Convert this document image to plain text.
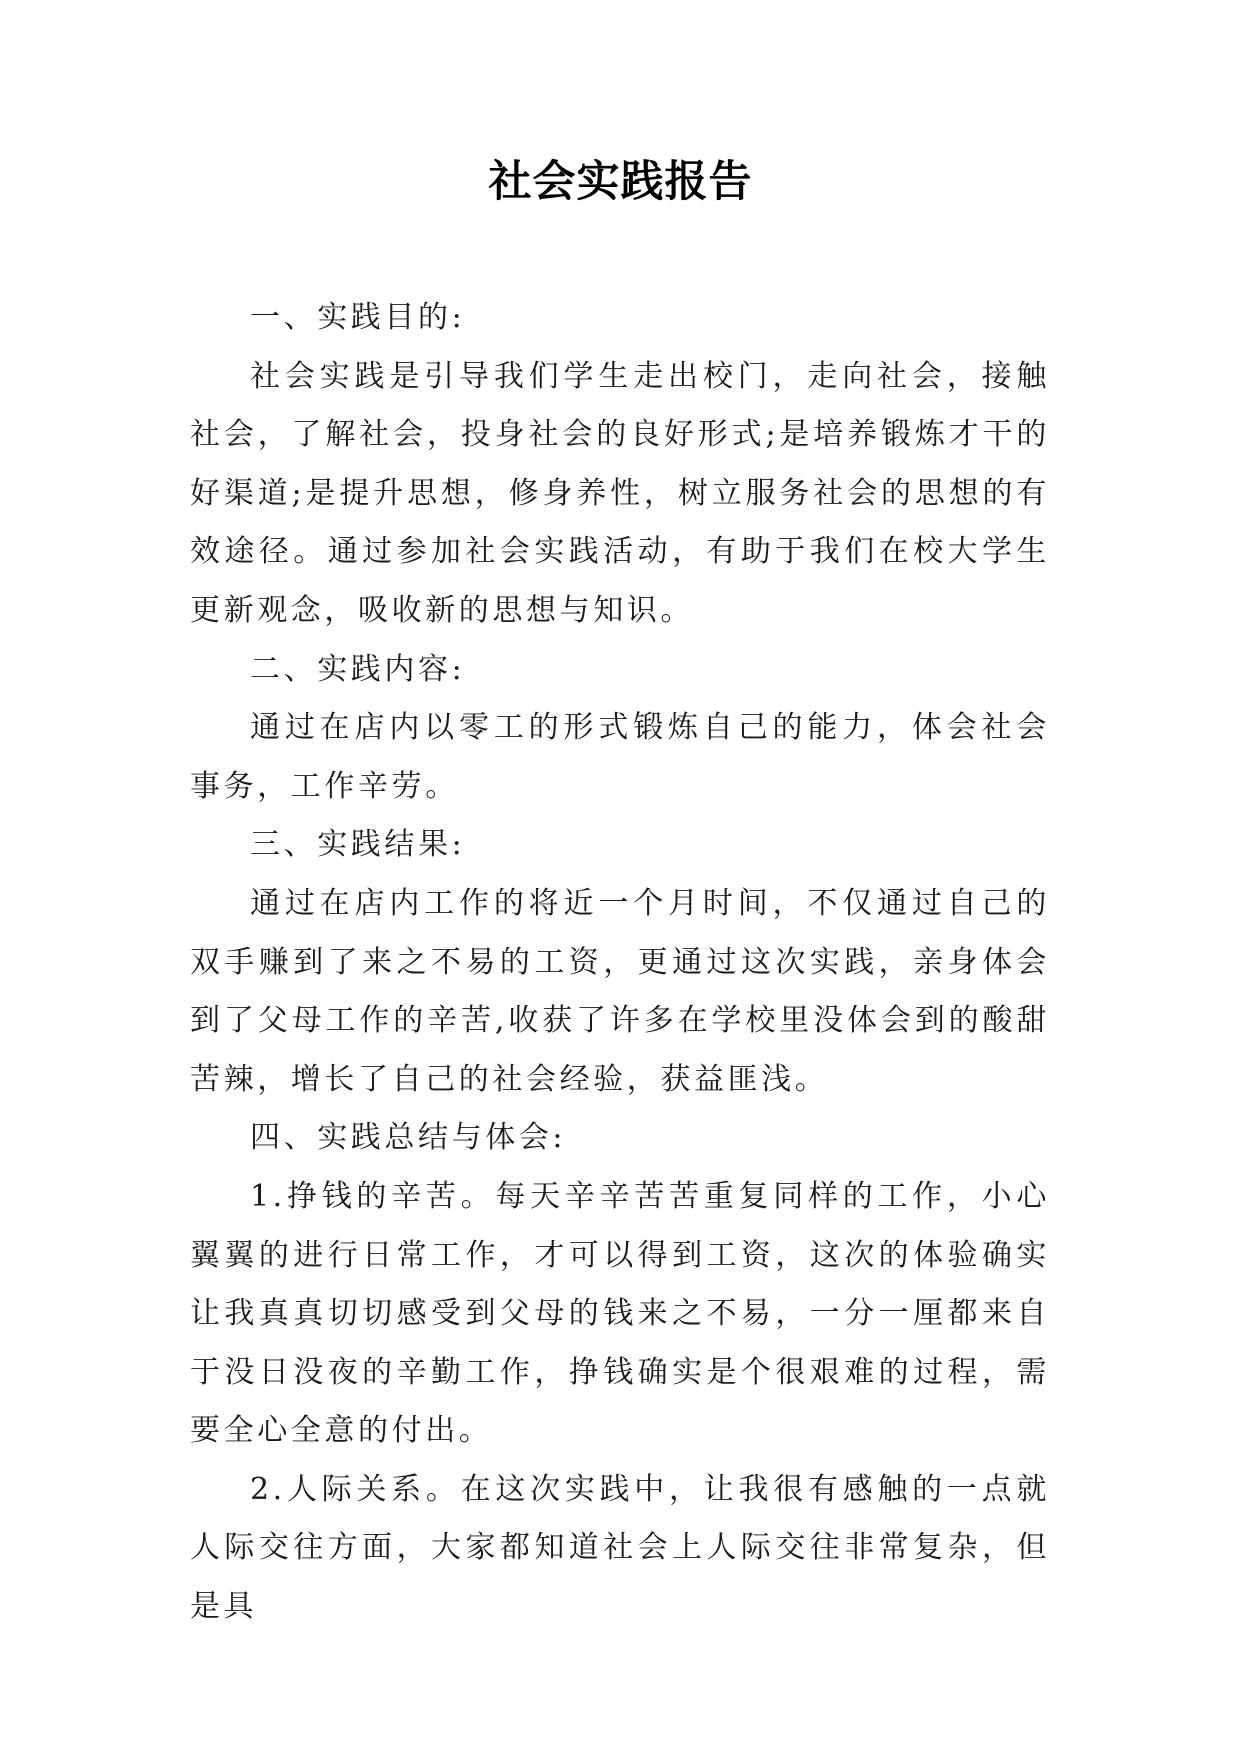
社会实践报告

一、实践目的:

社会实践是引导我们学生走出校门，走向社会，接触社会，了解社会，投身社会的良好形式;是培养锻炼才干的好渠道;是提升思想，修身养性，树立服务社会的思想的有效途径。通过参加社会实践活动，有助于我们在校大学生更新观念，吸收新的思想与知识。

二、实践内容:

通过在店内以零工的形式锻炼自己的能力，体会社会事务，工作辛劳。

三、实践结果:

通过在店内工作的将近一个月时间，不仅通过自己的双手赚到了来之不易的工资，更通过这次实践，亲身体会到了父母工作的辛苦,收获了许多在学校里没体会到的酸甜苦辣，增长了自己的社会经验，获益匪浅。

四、实践总结与体会:

1.挣钱的辛苦。每天辛辛苦苦重复同样的工作，小心翼翼的进行日常工作，才可以得到工资，这次的体验确实让我真真切切感受到父母的钱来之不易，一分一厘都来自于没日没夜的辛勤工作，挣钱确实是个很艰难的过程，需要全心全意的付出。

2.人际关系。在这次实践中，让我很有感触的一点就人际交往方面，大家都知道社会上人际交往非常复杂，但是具
